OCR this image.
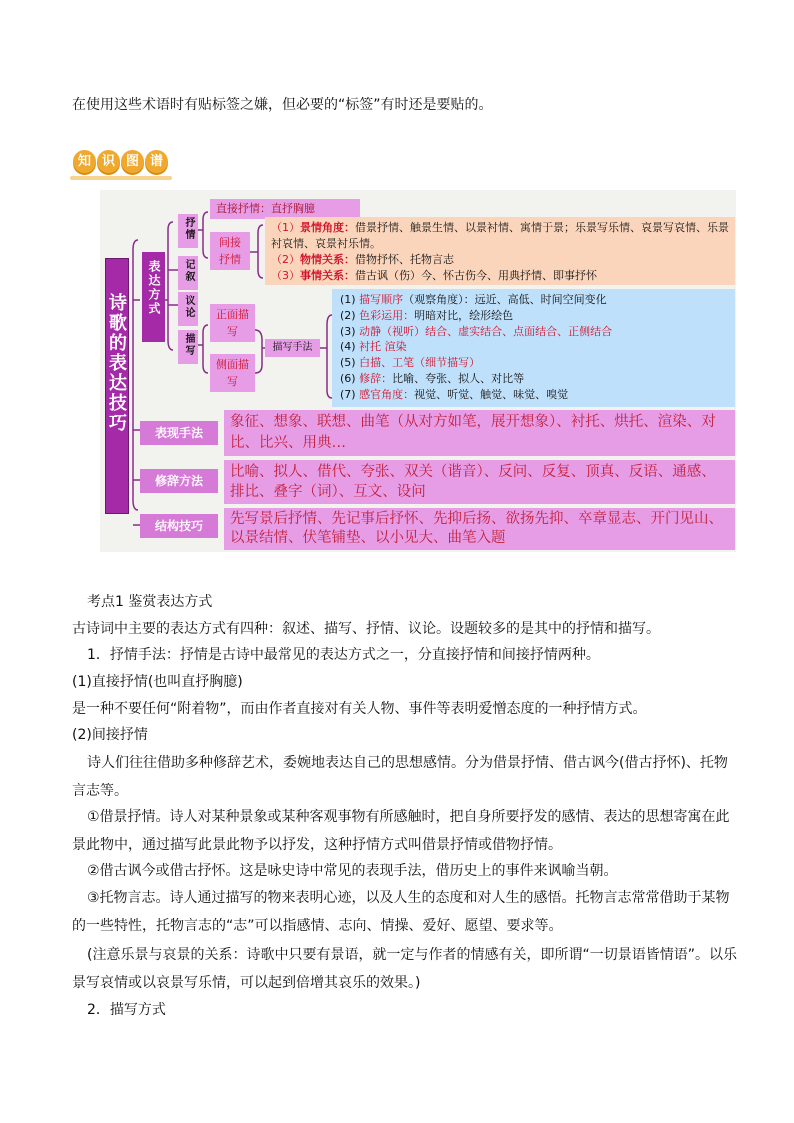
在使用这些术语时有贴标签之嫌，但必要的“标签”有时还是要贴的。
知 识 图 谱
诗歌的表达技巧
表达方式
抒情
记叙
议论
描写
直接抒情：直抒胸臆
间接抒情
（1）景情角度：借景抒情、触景生情、以景衬情、寓情于景；乐景写乐情、哀景写哀情、乐景衬哀情、哀景衬乐情。
（2）物情关系：借物抒怀、托物言志
（3）事情关系：借古讽（伤）今、怀古伤今、用典抒情、即事抒怀
正面描写
侧面描写
描写手法
(1) 描写顺序（观察角度）：远近、高低、时间空间变化
(2) 色彩运用：明暗对比，绘形绘色
(3) 动静（视听）结合、虚实结合、点面结合、正侧结合
(4) 衬托 渲染
(5) 白描、工笔（细节描写）
(6) 修辞：比喻、夸张、拟人、对比等
(7) 感官角度：视觉、听觉、触觉、味觉、嗅觉
表现手法
象征、想象、联想、曲笔（从对方如笔，展开想象）、衬托、烘托、渲染、对比、比兴、用典…
修辞方法
比喻、拟人、借代、夸张、双关（谐音）、反问、反复、顶真、反语、通感、排比、叠字（词）、互文、设问
结构技巧	先写景后抒情、先记事后抒怀、先抑后扬、欲扬先抑、卒章显志、开门见山、以景结情、伏笔铺垫、以小见大、曲笔入题
考点1 鉴赏表达方式
古诗词中主要的表达方式有四种：叙述、描写、抒情、议论。设题较多的是其中的抒情和描写。
1．抒情手法：抒情是古诗中最常见的表达方式之一，分直接抒情和间接抒情两种。
(1)直接抒情(也叫直抒胸臆)
是一种不要任何“附着物”，而由作者直接对有关人物、事件等表明爱憎态度的一种抒情方式。
(2)间接抒情
诗人们往往借助多种修辞艺术，委婉地表达自己的思想感情。分为借景抒情、借古讽今(借古抒怀)、托物言志等。
①借景抒情。诗人对某种景象或某种客观事物有所感触时，把自身所要抒发的感情、表达的思想寄寓在此景此物中，通过描写此景此物予以抒发，这种抒情方式叫借景抒情或借物抒情。
②借古讽今或借古抒怀。这是咏史诗中常见的表现手法，借历史上的事件来讽喻当朝。
③托物言志。诗人通过描写的物来表明心迹，以及人生的态度和对人生的感悟。托物言志常常借助于某物的一些特性，托物言志的“志”可以指感情、志向、情操、爱好、愿望、要求等。
(注意乐景与哀景的关系：诗歌中只要有景语，就一定与作者的情感有关，即所谓“一切景语皆情语”。以乐景写哀情或以哀景写乐情，可以起到倍增其哀乐的效果。)
2．描写方式
